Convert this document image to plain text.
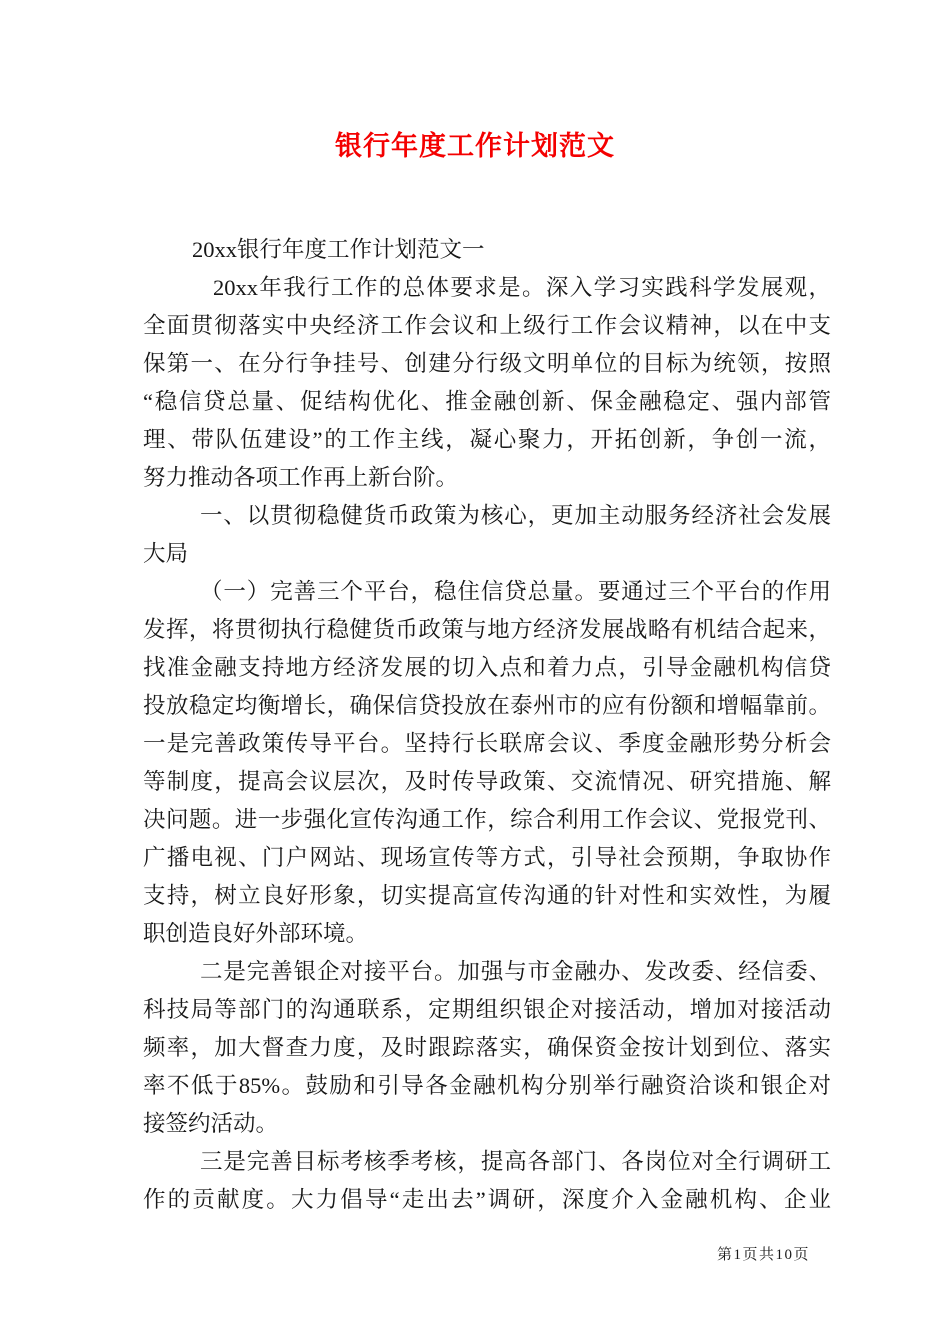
银行年度工作计划范文
20xx银行年度工作计划范文一
20xx年我行工作的总体要求是。深入学习实践科学发展观，
全面贯彻落实中央经济工作会议和上级行工作会议精神，以在中支
保第一、在分行争挂号、创建分行级文明单位的目标为统领，按照
“稳信贷总量、促结构优化、推金融创新、保金融稳定、强内部管
理、带队伍建设”的工作主线，凝心聚力，开拓创新，争创一流，
努力推动各项工作再上新台阶。
一、以贯彻稳健货币政策为核心，更加主动服务经济社会发展
大局
（一）完善三个平台，稳住信贷总量。要通过三个平台的作用
发挥，将贯彻执行稳健货币政策与地方经济发展战略有机结合起来，
找准金融支持地方经济发展的切入点和着力点，引导金融机构信贷
投放稳定均衡增长，确保信贷投放在泰州市的应有份额和增幅靠前。
一是完善政策传导平台。坚持行长联席会议、季度金融形势分析会
等制度，提高会议层次，及时传导政策、交流情况、研究措施、解
决问题。进一步强化宣传沟通工作，综合利用工作会议、党报党刊、
广播电视、门户网站、现场宣传等方式，引导社会预期，争取协作
支持，树立良好形象，切实提高宣传沟通的针对性和实效性，为履
职创造良好外部环境。
二是完善银企对接平台。加强与市金融办、发改委、经信委、
科技局等部门的沟通联系，定期组织银企对接活动，增加对接活动
频率，加大督查力度，及时跟踪落实，确保资金按计划到位、落实
率不低于85%。鼓励和引导各金融机构分别举行融资洽谈和银企对
接签约活动。
三是完善目标考核季考核，提高各部门、各岗位对全行调研工
作的贡献度。大力倡导“走出去”调研，深度介入金融机构、企业
第1页共10页
